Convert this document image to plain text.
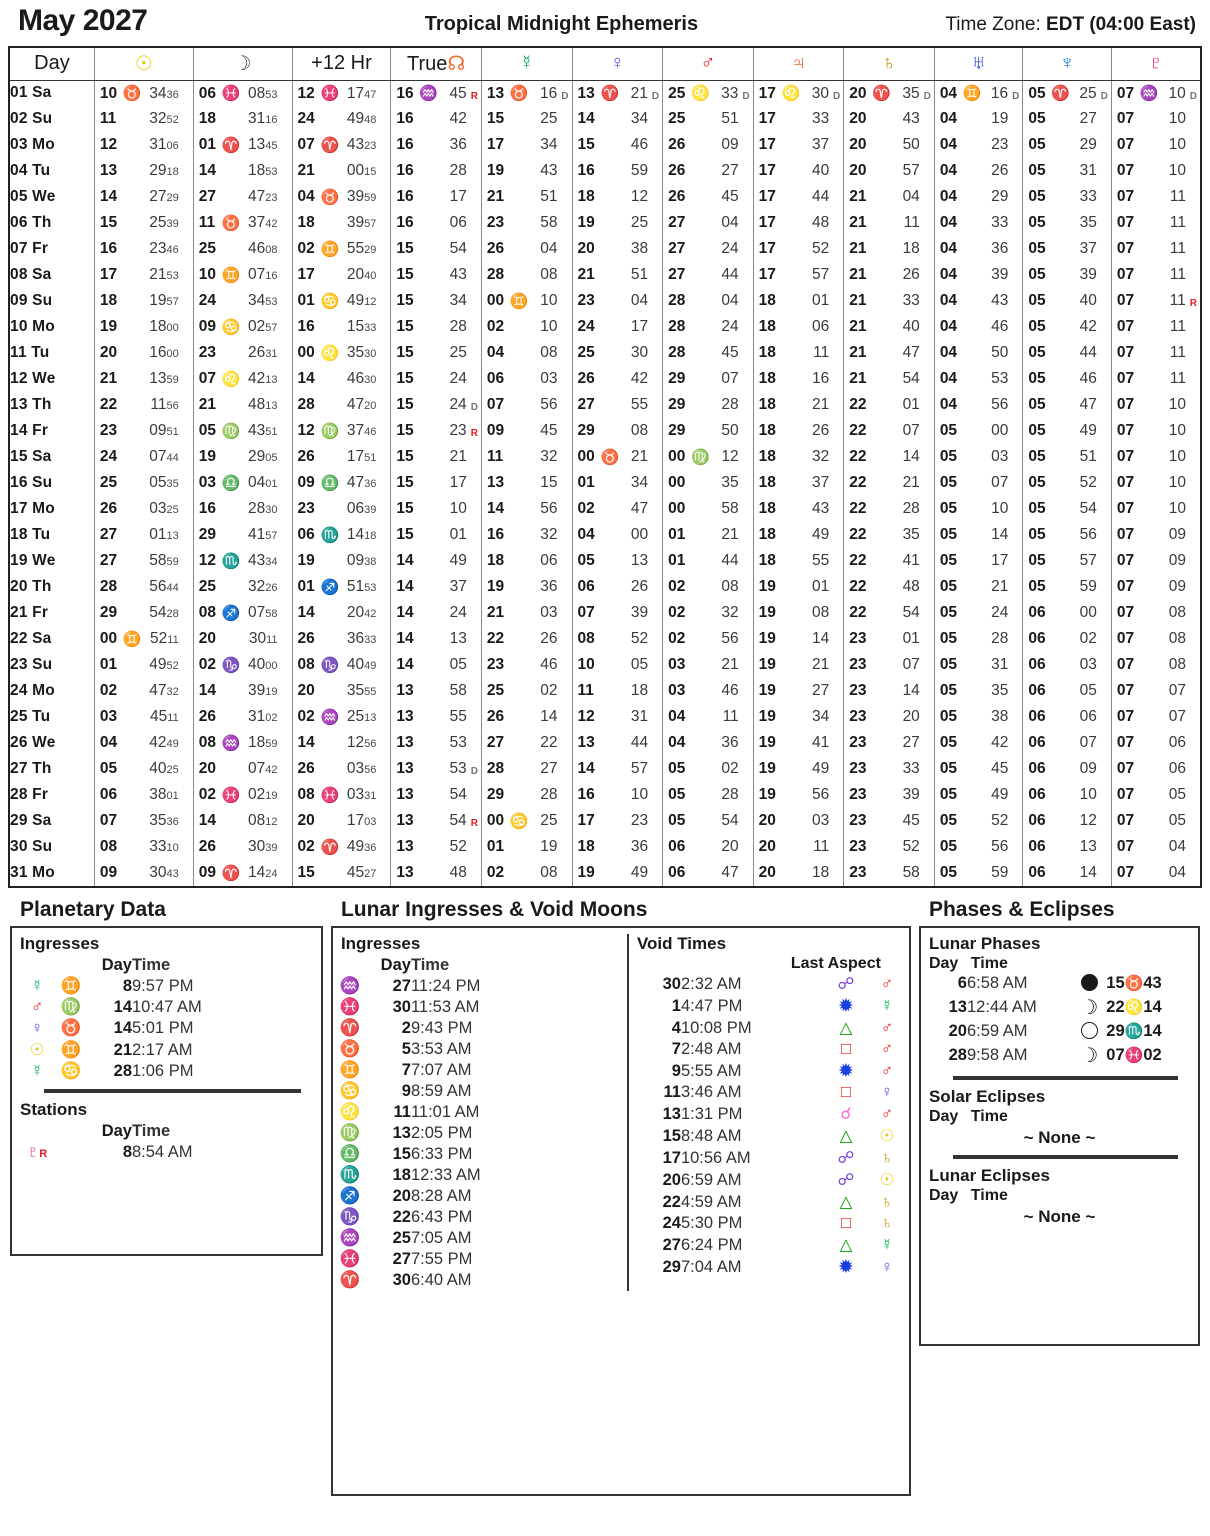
May 2027	Tropical Midnight Ephemeris	Time Zone: EDT (04:00 East)
Day	☉	☽	+12 Hr	True☊	☿	♀	♂	♃	♄	♅	♆	♇
01 Sa	10 ♉ 3436	06 ♓ 0853	12 ♓ 1747	16 ♒ 45 R	13 ♉ 16 D	13 ♈ 21 D	25 ♌ 33 D	17 ♌ 30 D	20 ♈ 35 D	04 ♊ 16 D	05 ♈ 25 D	07 ♒ 10 D

02 Su	11 3252	18 3116	24 4948	16 42	15 25	14 34	25 51	17 33	20 43	04 19	05 27	07 10

03 Mo	12 3106	01 ♈ 1345	07 ♈ 4323	16 36	17 34	15 46	26 09	17 37	20 50	04 23	05 29	07 10

04 Tu	13 2918	14 1853	21 0015	16 28	19 43	16 59	26 27	17 40	20 57	04 26	05 31	07 10

05 We	14 2729	27 4723	04 ♉ 3959	16 17	21 51	18 12	26 45	17 44	21 04	04 29	05 33	07 11

06 Th	15 2539	11 ♉ 3742	18 3957	16 06	23 58	19 25	27 04	17 48	21 11	04 33	05 35	07 11

07 Fr	16 2346	25 4608	02 ♊ 5529	15 54	26 04	20 38	27 24	17 52	21 18	04 36	05 37	07 11

08 Sa	17 2153	10 ♊ 0716	17 2040	15 43	28 08	21 51	27 44	17 57	21 26	04 39	05 39	07 11

09 Su	18 1957	24 3453	01 ♋ 4912	15 34	00 ♊ 10	23 04	28 04	18 01	21 33	04 43	05 40	07 11 R

10 Mo	19 1800	09 ♋ 0257	16 1533	15 28	02 10	24 17	28 24	18 06	21 40	04 46	05 42	07 11

11 Tu	20 1600	23 2631	00 ♌ 3530	15 25	04 08	25 30	28 45	18 11	21 47	04 50	05 44	07 11

12 We	21 1359	07 ♌ 4213	14 4630	15 24	06 03	26 42	29 07	18 16	21 54	04 53	05 46	07 11

13 Th	22 1156	21 4813	28 4720	15 24 D	07 56	27 55	29 28	18 21	22 01	04 56	05 47	07 10

14 Fr	23 0951	05 ♍ 4351	12 ♍ 3746	15 23 R	09 45	29 08	29 50	18 26	22 07	05 00	05 49	07 10

15 Sa	24 0744	19 2905	26 1751	15 21	11 32	00 ♉ 21	00 ♍ 12	18 32	22 14	05 03	05 51	07 10

16 Su	25 0535	03 ♎ 0401	09 ♎ 4736	15 17	13 15	01 34	00 35	18 37	22 21	05 07	05 52	07 10

17 Mo	26 0325	16 2830	23 0639	15 10	14 56	02 47	00 58	18 43	22 28	05 10	05 54	07 10

18 Tu	27 0113	29 4157	06 ♏ 1418	15 01	16 32	04 00	01 21	18 49	22 35	05 14	05 56	07 09

19 We	27 5859	12 ♏ 4334	19 0938	14 49	18 06	05 13	01 44	18 55	22 41	05 17	05 57	07 09

20 Th	28 5644	25 3226	01 ♐ 5153	14 37	19 36	06 26	02 08	19 01	22 48	05 21	05 59	07 09

21 Fr	29 5428	08 ♐ 0758	14 2042	14 24	21 03	07 39	02 32	19 08	22 54	05 24	06 00	07 08

22 Sa	00 ♊ 5211	20 3011	26 3633	14 13	22 26	08 52	02 56	19 14	23 01	05 28	06 02	07 08

23 Su	01 4952	02 ♑ 4000	08 ♑ 4049	14 05	23 46	10 05	03 21	19 21	23 07	05 31	06 03	07 08

24 Mo	02 4732	14 3919	20 3555	13 58	25 02	11 18	03 46	19 27	23 14	05 35	06 05	07 07

25 Tu	03 4511	26 3102	02 ♒ 2513	13 55	26 14	12 31	04 11	19 34	23 20	05 38	06 06	07 07

26 We	04 4249	08 ♒ 1859	14 1256	13 53	27 22	13 44	04 36	19 41	23 27	05 42	06 07	07 06

27 Th	05 4025	20 0742	26 0356	13 53 D	28 27	14 57	05 02	19 49	23 33	05 45	06 09	07 06

28 Fr	06 3801	02 ♓ 0219	08 ♓ 0331	13 54	29 28	16 10	05 28	19 56	23 39	05 49	06 10	07 05

29 Sa	07 3536	14 0812	20 1703	13 54 R	00 ♋ 25	17 23	05 54	20 03	23 45	05 52	06 12	07 05

30 Su	08 3310	26 3039	02 ♈ 4936	13 52	01 19	18 36	06 20	20 11	23 52	05 56	06 13	07 04

31 Mo	09 3043	09 ♈ 1424	15 4527	13 48	02 08	19 49	06 47	20 18	23 58	05 59	06 14	07 04
Planetary Data
Ingresses
		Day	Time
☿	♊	8	9:57 PM
♂	♍	14	10:47 AM
♀	♉	14	5:01 PM
☉	♊	21	2:17 AM
☿	♋	28	1:06 PM
Stations
		Day	Time
♇R		8	8:54 AM
Lunar Ingresses & Void Moons
Ingresses
	Day	Time
♒	27	11:24 PM
♓	30	11:53 AM
♈	2	9:43 PM
♉	5	3:53 AM
♊	7	7:07 AM
♋	9	8:59 AM
♌	11	11:01 AM
♍	13	2:05 PM
♎	15	6:33 PM
♏	18	12:33 AM
♐	20	8:28 AM
♑	22	6:43 PM
♒	25	7:05 AM
♓	27	7:55 PM
♈	30	6:40 AM
Void Times
Last Aspect
30	2:32 AM	☍	♂
1	4:47 PM	✹	☿
4	10:08 PM	△	♂
7	2:48 AM	□	♂
9	5:55 AM	✹	♂
11	3:46 AM	□	♀
13	1:31 PM	☌	♂
15	8:48 AM	△	☉
17	10:56 AM	☍	♄
20	6:59 AM	☍	☉
22	4:59 AM	△	♄
24	5:30 PM	□	♄
27	6:24 PM	△	☿
29	7:04 AM	✹	♀
Phases & Eclipses
Lunar Phases
Day Time
6	6:58 AM		15♉43
13	12:44 AM	☽	22♌14
20	6:59 AM		29♏14
28	9:58 AM	☽	07♓02
Solar Eclipses
Day Time
~ None ~
Lunar Eclipses
Day Time
~ None ~
